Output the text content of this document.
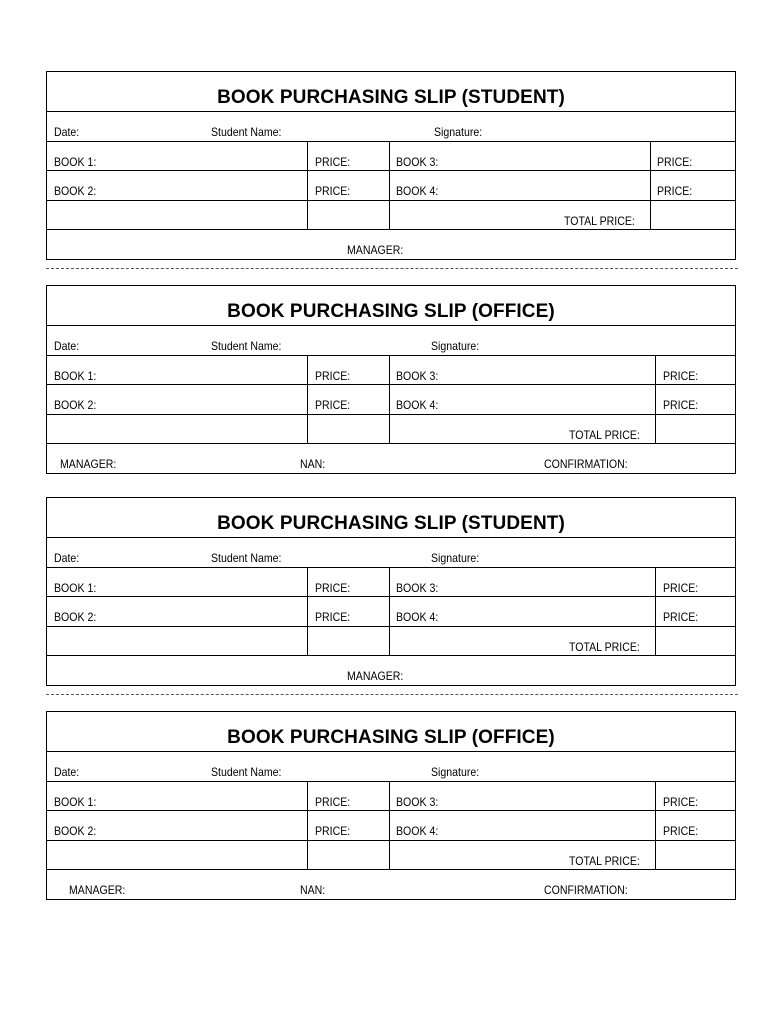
BOOK PURCHASING SLIP (STUDENT)
Date:	Student Name:	Signature:
BOOK 1:	PRICE:	BOOK 3:	PRICE:
BOOK 2:	PRICE:	BOOK 4:	PRICE:
TOTAL PRICE:
MANAGER:
BOOK PURCHASING SLIP (OFFICE)
Date:	Student Name:	Signature:
BOOK 1:	PRICE:	BOOK 3:	PRICE:
BOOK 2:	PRICE:	BOOK 4:	PRICE:
TOTAL PRICE:
MANAGER:	NAN:	CONFIRMATION:
BOOK PURCHASING SLIP (STUDENT)
Date:	Student Name:	Signature:
BOOK 1:	PRICE:	BOOK 3:	PRICE:
BOOK 2:	PRICE:	BOOK 4:	PRICE:
TOTAL PRICE:
MANAGER:
BOOK PURCHASING SLIP (OFFICE)
Date:	Student Name:	Signature:
BOOK 1:	PRICE:	BOOK 3:	PRICE:
BOOK 2:	PRICE:	BOOK 4:	PRICE:
TOTAL PRICE:
MANAGER:	NAN:	CONFIRMATION:
